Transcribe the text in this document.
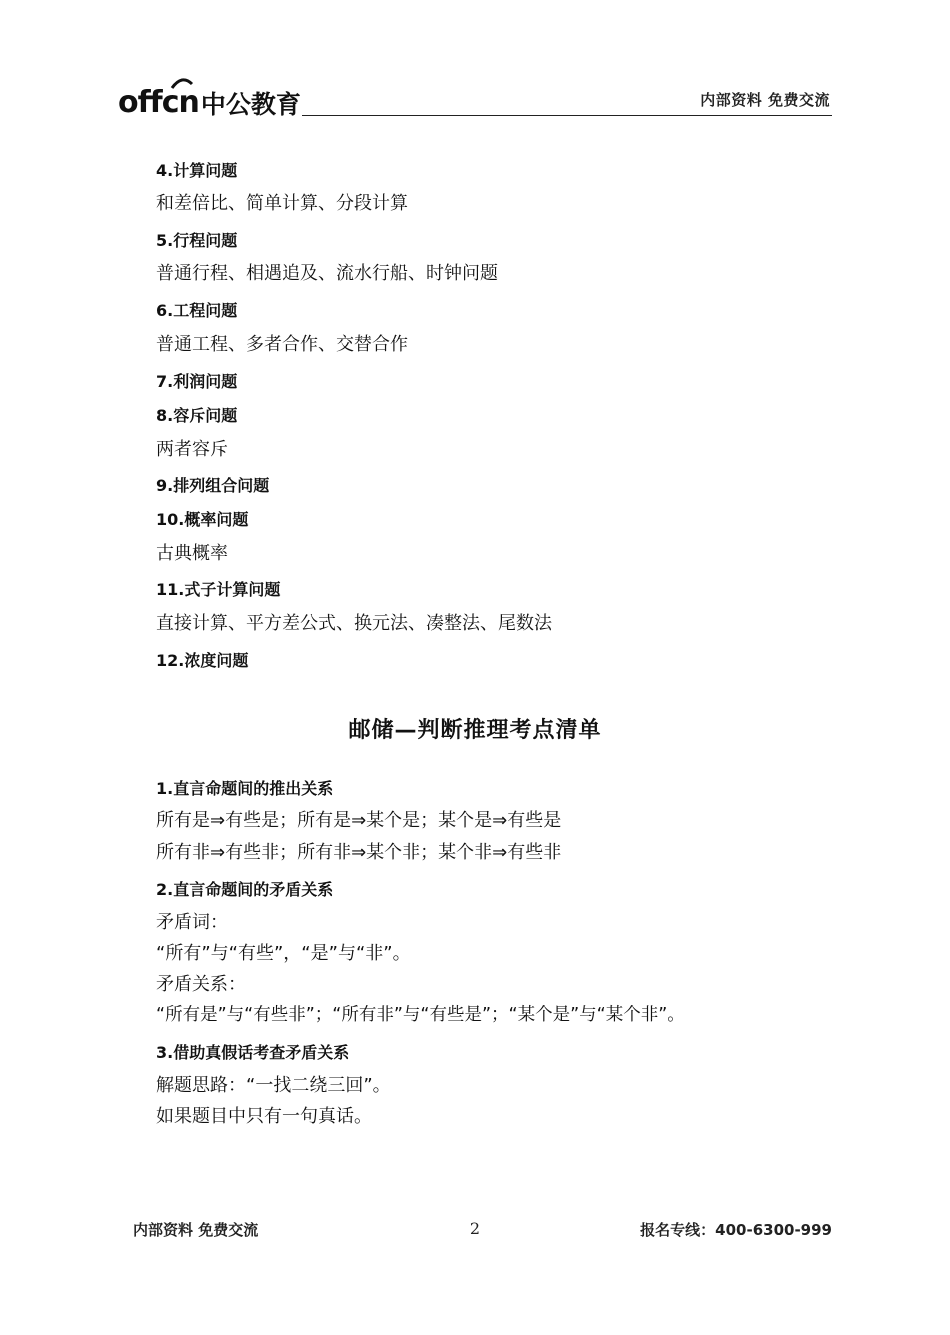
offcn 中公教育	内部资料 免费交流
4.计算问题
和差倍比、简单计算、分段计算
5.行程问题
普通行程、相遇追及、流水行船、时钟问题
6.工程问题
普通工程、多者合作、交替合作
7.利润问题
8.容斥问题
两者容斥
9.排列组合问题
10.概率问题
古典概率
11.式子计算问题
直接计算、平方差公式、换元法、凑整法、尾数法
12.浓度问题
邮储—判断推理考点清单
1.直言命题间的推出关系
所有是⇒有些是；所有是⇒某个是；某个是⇒有些是
所有非⇒有些非；所有非⇒某个非；某个非⇒有些非
2.直言命题间的矛盾关系
矛盾词：
“所有”与“有些”，“是”与“非”。
矛盾关系：
“所有是”与“有些非”；“所有非”与“有些是”；“某个是”与“某个非”。
3.借助真假话考查矛盾关系
解题思路：“一找二绕三回”。
如果题目中只有一句真话。
内部资料 免费交流	2	报名专线：400-6300-999
